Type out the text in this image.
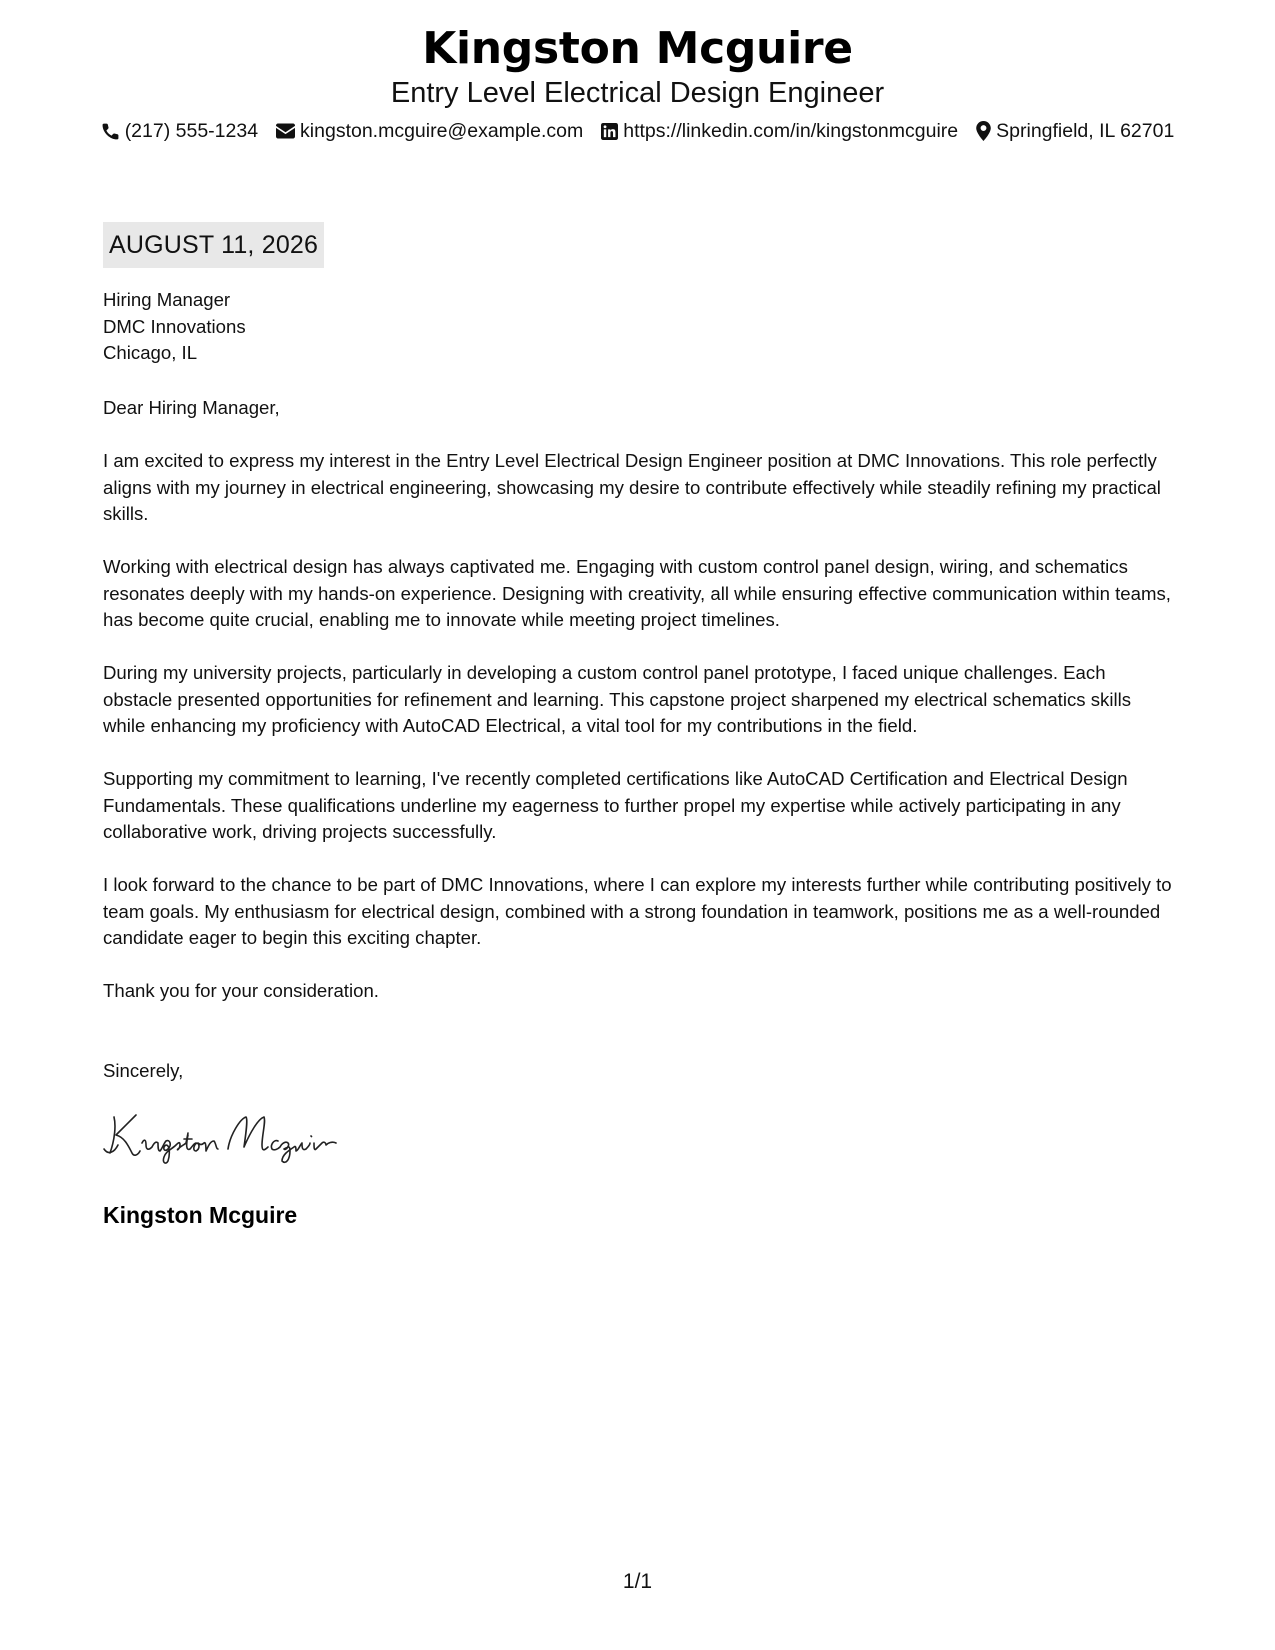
Kingston Mcguire
Entry Level Electrical Design Engineer
(217) 555-1234 kingston.mcguire@example.com https://linkedin.com/in/kingstonmcguire Springfield, IL 62701
AUGUST 11, 2026
Hiring Manager
DMC Innovations
Chicago, IL
Dear Hiring Manager,

I am excited to express my interest in the Entry Level Electrical Design Engineer position at DMC Innovations. This role perfectly aligns with my journey in electrical engineering, showcasing my desire to contribute effectively while steadily refining my practical skills.

Working with electrical design has always captivated me. Engaging with custom control panel design, wiring, and schematics resonates deeply with my hands-on experience. Designing with creativity, all while ensuring effective communication within teams, has become quite crucial, enabling me to innovate while meeting project timelines.

During my university projects, particularly in developing a custom control panel prototype, I faced unique challenges. Each obstacle presented opportunities for refinement and learning. This capstone project sharpened my electrical schematics skills while enhancing my proficiency with AutoCAD Electrical, a vital tool for my contributions in the field.

Supporting my commitment to learning, I've recently completed certifications like AutoCAD Certification and Electrical Design Fundamentals. These qualifications underline my eagerness to further propel my expertise while actively participating in any collaborative work, driving projects successfully.

I look forward to the chance to be part of DMC Innovations, where I can explore my interests further while contributing positively to team goals. My enthusiasm for electrical design, combined with a strong foundation in teamwork, positions me as a well-rounded candidate eager to begin this exciting chapter.

Thank you for your consideration.

Sincerely,
Kingston Mcguire
1/1
